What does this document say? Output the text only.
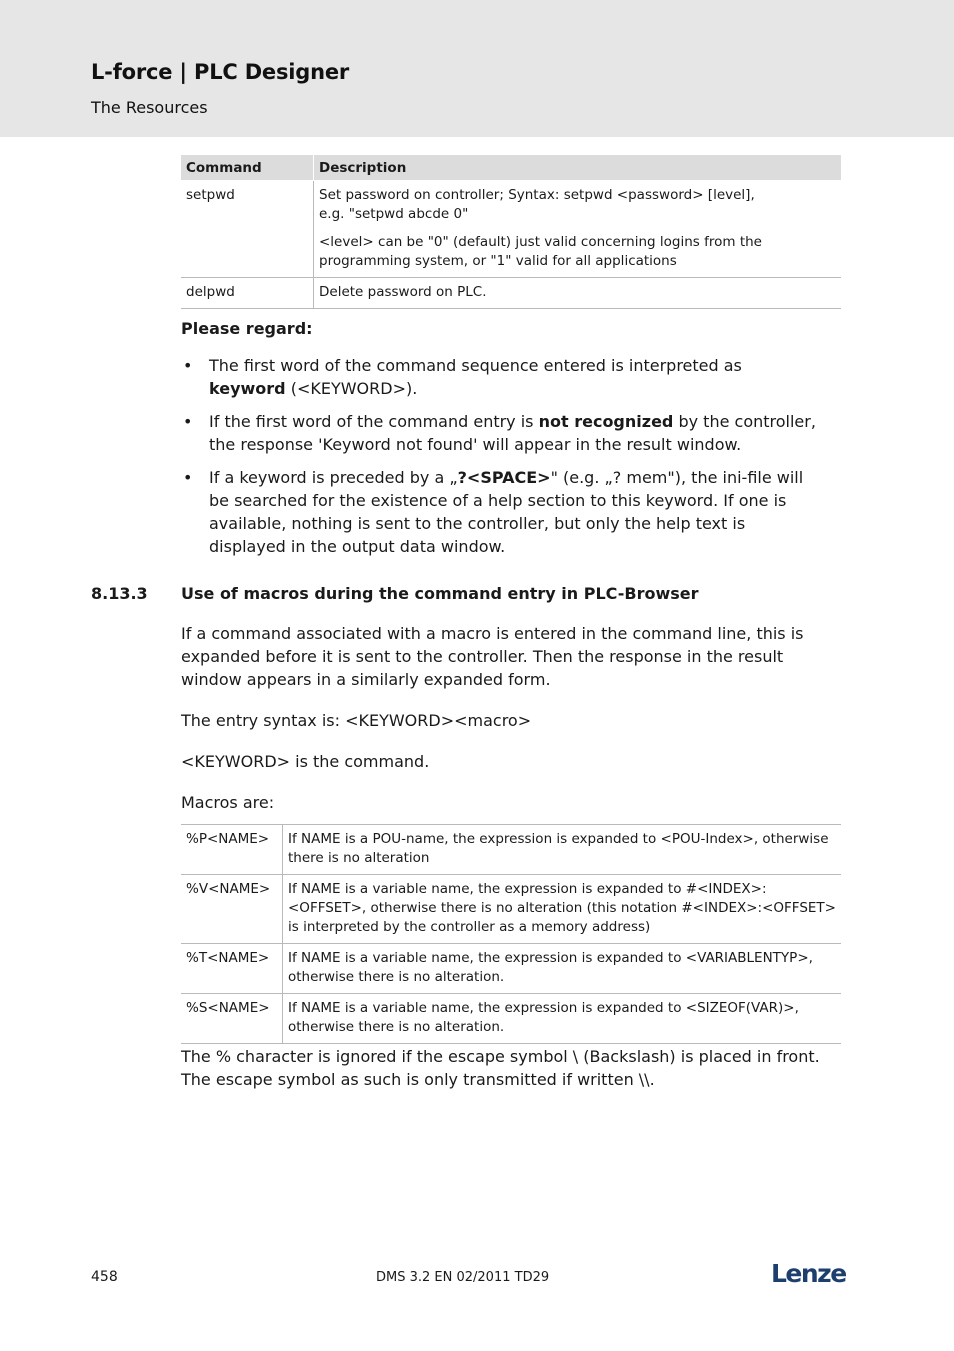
L-force | PLC Designer
The Resources
Command	Description
setpwd	Set password on controller; Syntax: setpwd <password> [level],
e.g. "setpwd abcde 0"

<level> can be "0" (default) just valid concerning logins from the programming system, or "1" valid for all applications

delpwd	Delete password on PLC.
Please regard:
• The first word of the command sequence entered is interpreted as keyword (<KEYWORD>).
• If the first word of the command entry is not recognized by the controller, the response 'Keyword not found' will appear in the result window.
• If a keyword is preceded by a „?<SPACE>" (e.g. „? mem"), the ini-file will be searched for the existence of a help section to this keyword. If one is available, nothing is sent to the controller, but only the help text is displayed in the output data window.
8.13.3 Use of macros during the command entry in PLC-Browser
If a command associated with a macro is entered in the command line, this is expanded before it is sent to the controller. Then the response in the result window appears in a similarly expanded form.
The entry syntax is: <KEYWORD><macro>
<KEYWORD> is the command.
Macros are:
%P<NAME>	If NAME is a POU-name, the expression is expanded to <POU-Index>, otherwise there is no alteration
%V<NAME>	If NAME is a variable name, the expression is expanded to #<INDEX>:<OFFSET>, otherwise there is no alteration (this notation #<INDEX>:<OFFSET> is interpreted by the controller as a memory address)
%T<NAME>	If NAME is a variable name, the expression is expanded to <VARIABLENTYP>, otherwise there is no alteration.
%S<NAME>	If NAME is a variable name, the expression is expanded to <SIZEOF(VAR)>, otherwise there is no alteration.
The % character is ignored if the escape symbol \ (Backslash) is placed in front. The escape symbol as such is only transmitted if written \\.
458	DMS 3.2 EN 02/2011 TD29	Lenze
